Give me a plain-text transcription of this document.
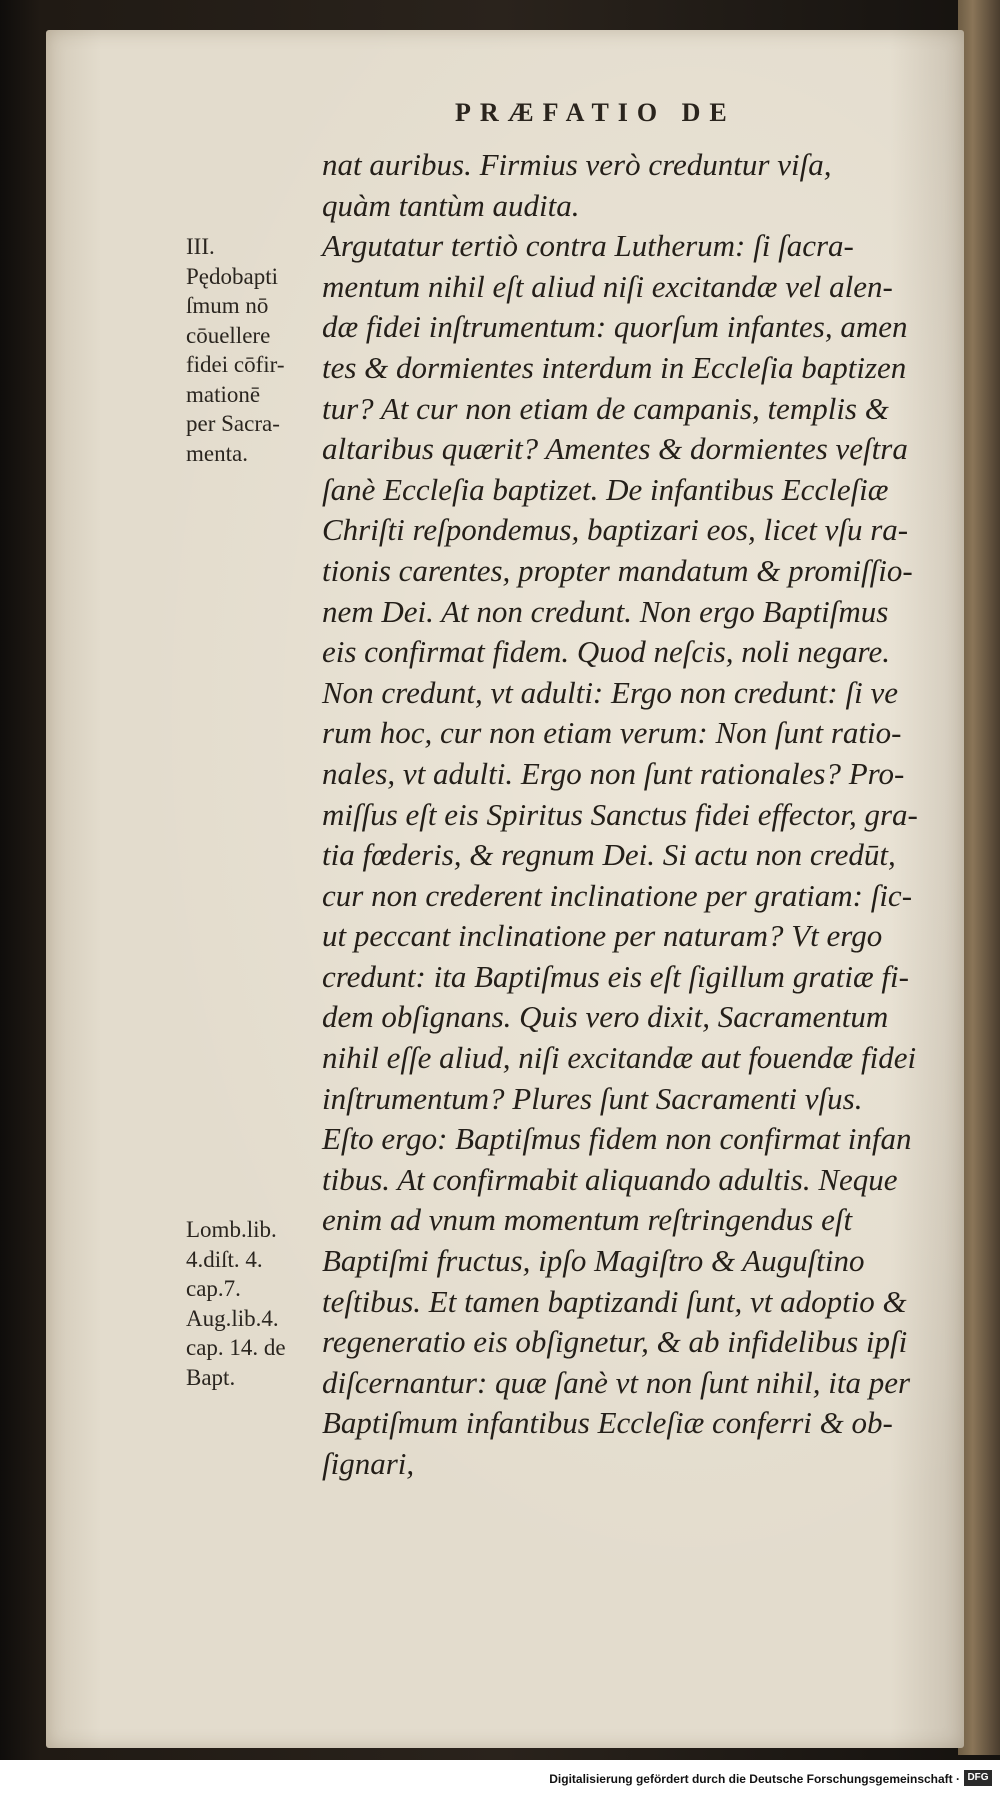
PRÆFATIO DE
III.
Pędobapti
ſmum nō
cōuellere
fidei cōfir-
mationē
per Sacra-
menta.
Lomb.lib.
4.diſt. 4.
cap.7.
Aug.lib.4.
cap. 14. de
Bapt.
nat auribus. Firmius verò creduntur viſa,
quàm tantùm audita.
Argutatur tertiò contra Lutherum: ſi ſacra-
mentum nihil eſt aliud niſi excitandæ vel alen-
dæ fidei inſtrumentum: quorſum infantes, amen
tes & dormientes interdum in Eccleſia baptizen
tur? At cur non etiam de campanis, templis &
altaribus quærit? Amentes & dormientes veſtra
ſanè Eccleſia baptizet. De infantibus Eccleſiæ
Chriſti reſpondemus, baptizari eos, licet vſu ra-
tionis carentes, propter mandatum & promiſſio-
nem Dei. At non credunt. Non ergo Baptiſmus
eis confirmat fidem. Quod neſcis, noli negare.
Non credunt, vt adulti: Ergo non credunt: ſi ve
rum hoc, cur non etiam verum: Non ſunt ratio-
nales, vt adulti. Ergo non ſunt rationales? Pro-
miſſus eſt eis Spiritus Sanctus fidei effector, gra-
tia fœderis, & regnum Dei. Si actu non credūt,
cur non crederent inclinatione per gratiam: ſic-
ut peccant inclinatione per naturam? Vt ergo
credunt: ita Baptiſmus eis eſt ſigillum gratiæ fi-
dem obſignans. Quis vero dixit, Sacramentum
nihil eſſe aliud, niſi excitandæ aut fouendæ fidei
inſtrumentum? Plures ſunt Sacramenti vſus.
Eſto ergo: Baptiſmus fidem non confirmat infan
tibus. At confirmabit aliquando adultis. Neque
enim ad vnum momentum reſtringendus eſt
Baptiſmi fructus, ipſo Magiſtro & Auguſtino
teſtibus. Et tamen baptizandi ſunt, vt adoptio &
regeneratio eis obſignetur, & ab infidelibus ipſi
diſcernantur: quæ ſanè vt non ſunt nihil, ita per
Baptiſmum infantibus Eccleſiæ conferri & ob-
ſignari,
Digitalisierung gefördert durch die Deutsche Forschungsgemeinschaft · DFG
